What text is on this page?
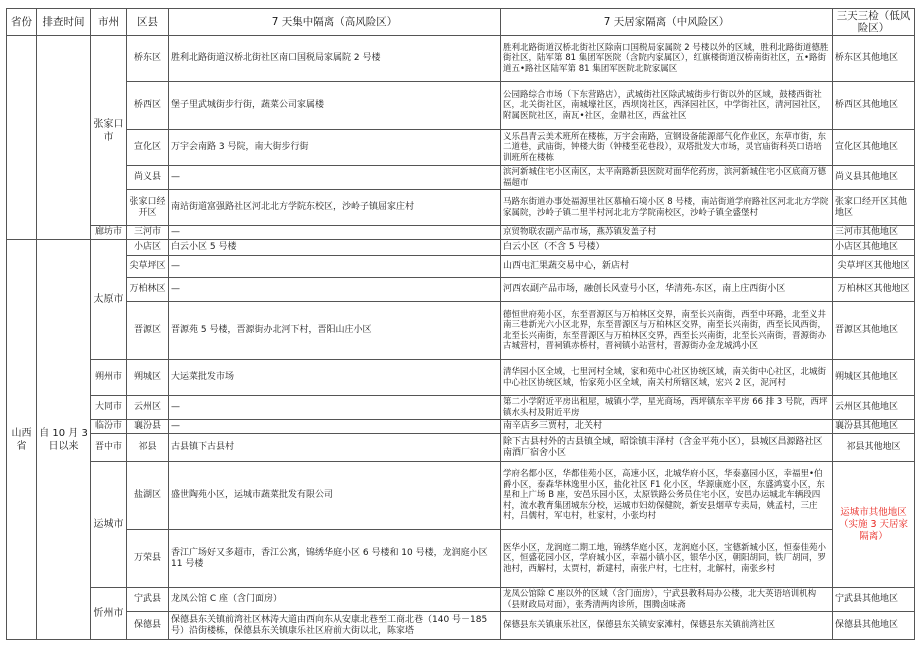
省份	排查时间	市州	区县	7 天集中隔离（高风险区）	7 天居家隔离（中风险区）	三天三检（低风险区）
		张家口市	桥东区	胜利北路街道汉桥北街社区南口国税局家属院 2 号楼	胜利北路街道汉桥北街社区除南口国税局家属院 2 号楼以外的区域，胜利北路街道德胜街社区，陆军第 81 集团军医院（含院内家属区），红旗楼街道汉桥南街社区，五•路街道五•路社区陆军第 81 集团军医院北院家属区	桥东区其他地区
			桥西区	堡子里武城街步行街，蔬菜公司家属楼	公园路综合市场（下东营路店），武城街社区除武城街步行街以外的区域，鼓楼西街社区，北关街社区，南城壕社区，西坝岗社区，西泽园社区，中学街社区，清河园社区，附属医院社区，南瓦•社区，金鼎社区，西盆社区	桥西区其他地区
			宣化区	万宇会南路 3 号院，南大街步行街	义乐昌青云美术班所在楼栋，万宇会南路，宣钢设备能源部气化作业区，东草市街，东二道巷，武庙街，钟楼大街（钟楼至花巷段），双塔批发大市场，灵官庙街科英口语培训班所在楼栋	宣化区其他地区
			尚义县	—	滨河新城住宅小区南区，太平南路新县医院对面华佗药房，滨河新城住宅小区底商万德福超市	尚义县其他地区
			张家口经开区	南站街道富强路社区河北北方学院东校区，沙岭子镇屈家庄村	马路东街道办事处福源里社区慕榆石境小区 8 号楼，南站街道学府路社区河北北方学院家属院，沙岭子镇二里半村河北北方学院南校区，沙岭子镇全盛堡村	张家口经开区其他地区
		廊坊市	三河市	—	京贸物联农副产品市场，燕苏镇发盖子村	三河市其他地区
山西省	自 10 月 3 日以来	太原市	小店区	白云小区 5 号楼	白云小区（不含 5 号楼）	小店区其他地区
			尖草坪区	—	山西屯汇果蔬交易中心，新店村	尖草坪区其他地区
			万柏林区	—	河西农副产品市场，融创长风壹号小区，华清苑-东区，南上庄西街小区	万柏林区其他地区
			晋源区	晋源苑 5 号楼，晋源街办北河下村，晋阳山庄小区	德恒世府苑小区，东至晋源区与万柏林区交界，南至长兴南街，西至中环路，北至义井南三巷新光六小区北界，东至晋源区与万柏林区交界，南至长兴南街，西至长风西街，北至长兴南街，东至晋源区与万柏林区交界，西至长兴南街，北至长兴南街，晋源街办古城营村，晋祠镇赤桥村，晋祠镇小站营村，晋源街办金龙城鸿小区	晋源区其他地区
		朔州市	朔城区	大运菜批发市场	清华园小区全域，七里河村全域，家和苑中心社区协统区域，南关街中心社区，北城街中心社区协统区域，怡家苑小区全域，南关村所辖区域，宏兴 2 区，泥河村	朔城区其他地区
		大同市	云州区	—	第二小学附近平房出租屋，城镇小学，星光商场，西坪镇东辛平房 66 排 3 号院，西坪镇水头村及附近平房	云州区其他地区
		临汾市	襄汾县	—	南辛店乡三贾村，北关村	襄汾县其他地区
		晋中市	祁县	古县镇下古县村	除下古县村外的古县镇全域，昭馀镇丰泽村（含金平苑小区），县城区昌源路社区南酒厂宿舍小区	祁县其他地区
		运城市	盐湖区	盛世陶苑小区，运城市蔬菜批发有限公司	学府名都小区，华都佳苑小区，高速小区，北城华府小区，华泰嘉园小区，幸福里•伯爵小区，泰森华林逸里小区，盐化社区 F1 化小区，华源康庭小区，东盛鸿宴小区，东星和上广场 B 座，安邑乐园小区，太原铁路公务员住宅小区，安邑办运城北车辆段四村，流水教育集团城东分校，运城市妇幼保健院，新安县烟草专卖局，姚孟村，三庄村，吕儒村，军屯村，杜家村，小张均村	运城市其他地区（实施 3 天居家隔离）
			万荣县	香江广场好又多超市，香江公寓，锦绣华庭小区 6 号楼和 10 号楼，龙润庭小区 11 号楼	医华小区，龙润庭二期工地，锦绣华庭小区，龙润庭小区，宝德新城小区，恒泰佳苑小区，恒盛花园小区，学府城小区，幸福小镇小区，银华小区，朝阳胡同，铁厂胡同，罗池村，西解村，太贾村，新建村，南张户村，七庄村，北解村，南张乡村	
		忻州市	宁武县	龙凤公馆 C 座（含门面房）	龙凤公馆除 C 座以外的区域（含门面房），宁武县教科局办公楼，北大英语培训机构（县财政局对面），张秀清两肉诊所，围腾卤味斋	宁武县其他地区
			保德县	保德县东关镇前湾社区林涛大道由西向东从安康北巷至工商北巷（140 号－185 号）沿街楼栋，保德县东关镇康乐社区府前大街以北，陈家塔	保德县东关镇康乐社区，保德县东关镇安家滩村，保德县东关镇前湾社区	保德县其他地区
